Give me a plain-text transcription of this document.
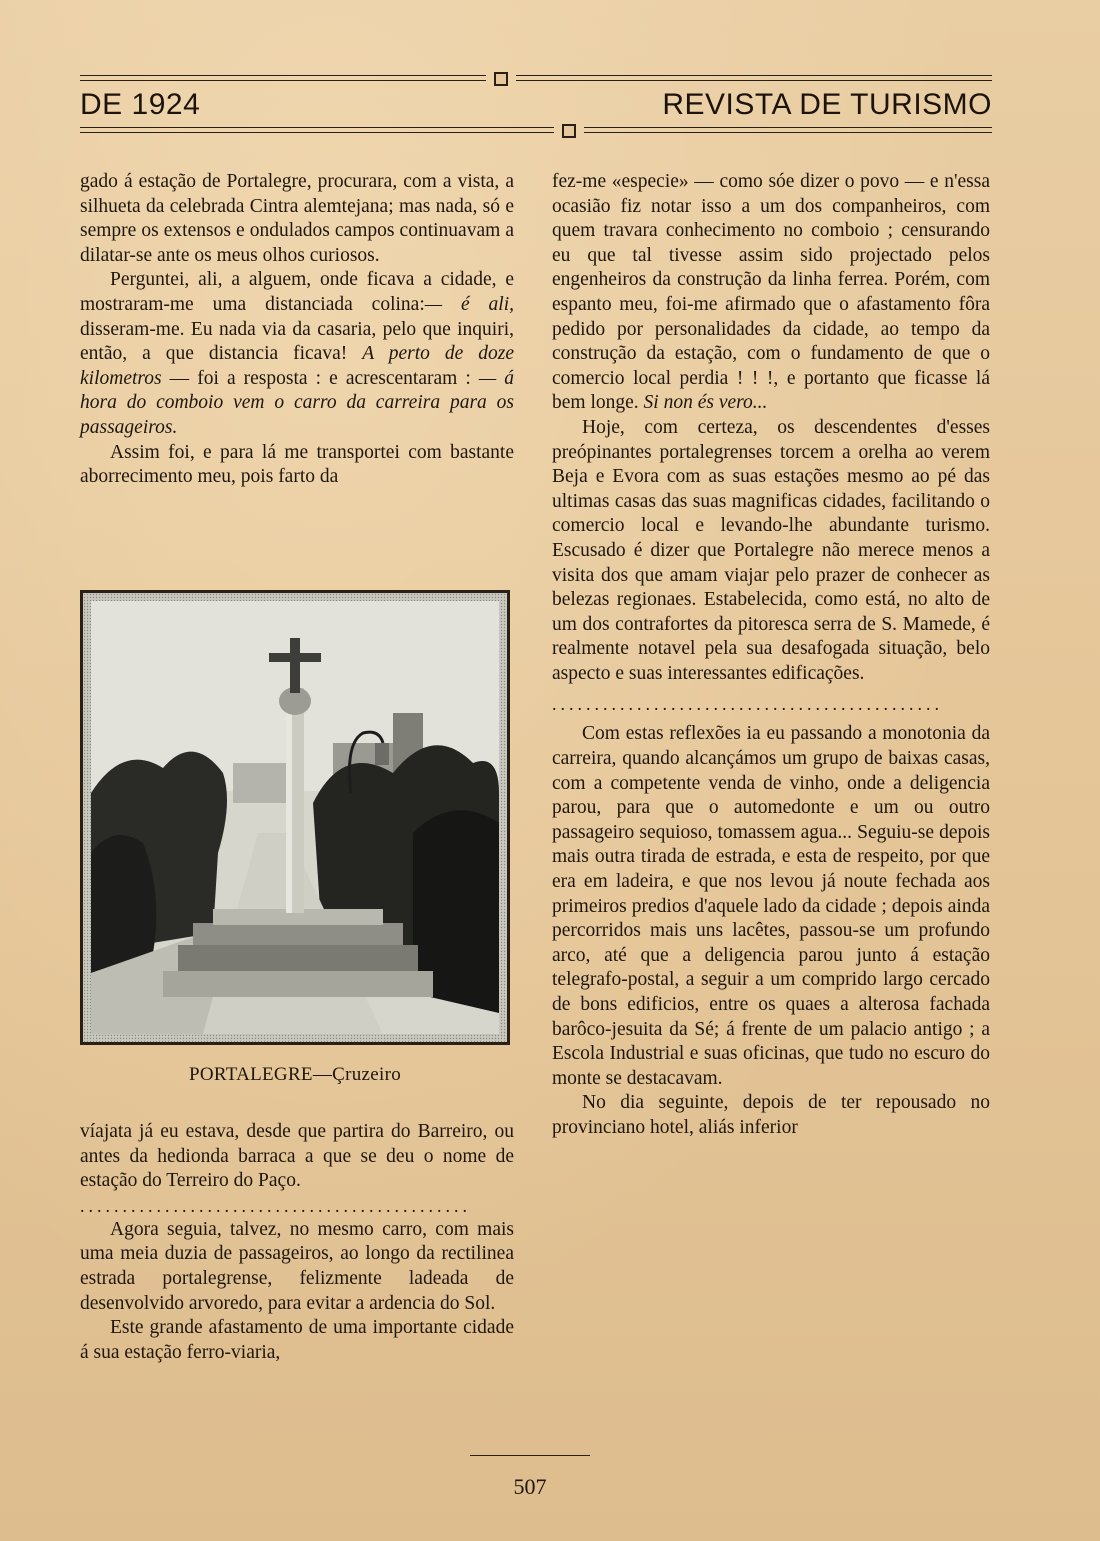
DE 1924	REVISTA DE TURISMO

gado á estação de Portalegre, procurara, com a vista, a silhueta da celebrada Cintra alemtejana; mas nada, só e sempre os extensos e ondulados campos continuavam a dilatar-se ante os meus olhos curiosos.

Perguntei, ali, a alguem, onde ficava a cidade, e mostraram-me uma distanciada colina:— é ali, disseram-me. Eu nada via da casaria, pelo que inquiri, então, a que distancia ficava! A perto de doze kilometros — foi a resposta : e acrescentaram : — á hora do comboio vem o carro da carreira para os passageiros.

Assim foi, e para lá me transportei com bastante aborrecimento meu, pois farto da

PORTALEGRE—Çruzeiro

víajata já eu estava, desde que partira do Barreiro, ou antes da hedionda barraca a que se deu o nome de estação do Terreiro do Paço.

..............................................

Agora seguia, talvez, no mesmo carro, com mais uma meia duzia de passageiros, ao longo da rectilinea estrada portalegrense, felizmente ladeada de desenvolvido arvoredo, para evitar a ardencia do Sol.

Este grande afastamento de uma importante cidade á sua estação ferro-viaria,

fez-me «especie» — como sóe dizer o povo — e n'essa ocasião fiz notar isso a um dos companheiros, com quem travara conhecimento no comboio ; censurando eu que tal tivesse assim sido projectado pelos engenheiros da construção da linha ferrea. Porém, com espanto meu, foi-me afirmado que o afastamento fôra pedido por personalidades da cidade, ao tempo da construção da estação, com o fundamento de que o comercio local perdia ! ! !, e portanto que ficasse lá bem longe. Si non és vero...

Hoje, com certeza, os descendentes d'esses preópinantes portalegrenses torcem a orelha ao verem Beja e Evora com as suas estações mesmo ao pé das ultimas casas das suas magnificas cidades, facilitando o comercio local e levando-lhe abundante turismo. Escusado é dizer que Portalegre não merece menos a visita dos que amam viajar pelo prazer de conhecer as belezas regionaes. Estabelecida, como está, no alto de um dos contrafortes da pitoresca serra de S. Mamede, é realmente notavel pela sua desafogada situação, belo aspecto e suas interessantes edificações.

..............................................

Com estas reflexões ia eu passando a monotonia da carreira, quando alcançámos um grupo de baixas casas, com a competente venda de vinho, onde a deligencia parou, para que o automedonte e um ou outro passageiro sequioso, tomassem agua... Seguiu-se depois mais outra tirada de estrada, e esta de respeito, por que era em ladeira, e que nos levou já noute fechada aos primeiros predios d'aquele lado da cidade ; depois ainda percorridos mais uns lacêtes, passou-se um profundo arco, até que a deligencia parou junto á estação telegrafo-postal, a seguir a um comprido largo cercado de bons edificios, entre os quaes a alterosa fachada barôco-jesuita da Sé; á frente de um palacio antigo ; a Escola Industrial e suas oficinas, que tudo no escuro do monte se destacavam.

No dia seguinte, depois de ter repousado no provinciano hotel, aliás inferior

507
